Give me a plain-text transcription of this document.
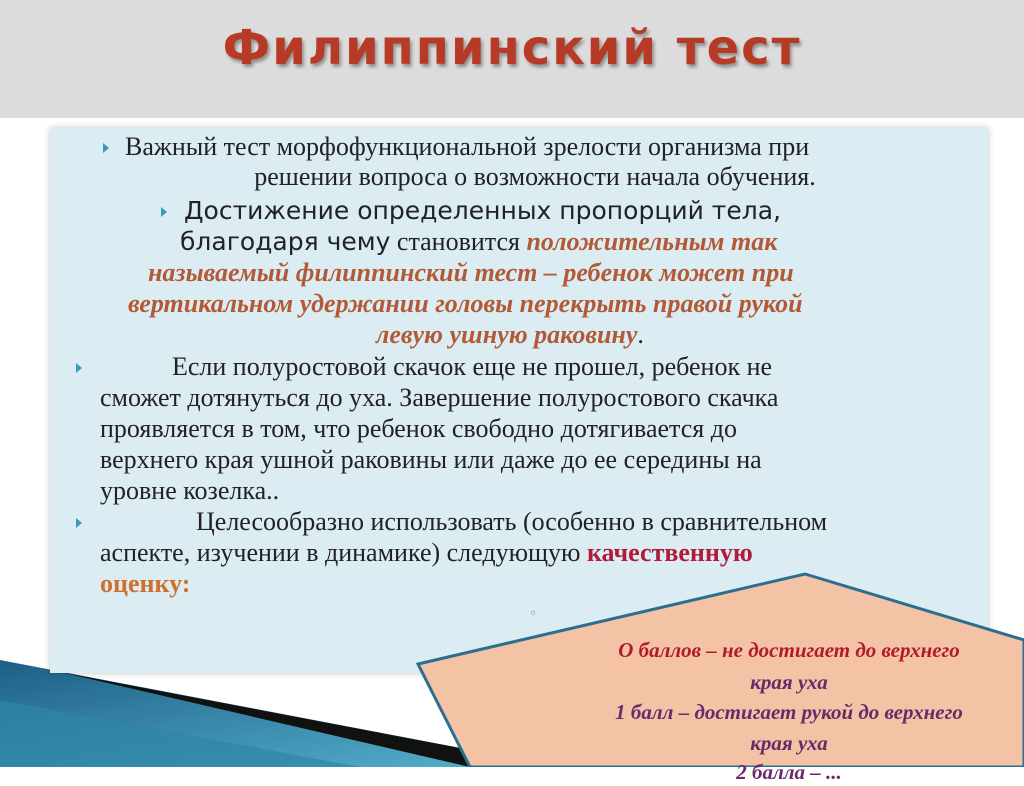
Филиппинский тест
Важный тест морфофункциональной зрелости организма при
решении вопроса о возможности начала обучения.
Достижение определенных пропорций тела,
благодаря чему становится положительным так
называемый филиппинский тест – ребенок может при
вертикальном удержании головы перекрыть правой рукой
левую ушную раковину.
Если полуростовой скачок еще не прошел, ребенок не
сможет дотянуться до уха. Завершение полуростового скачка
проявляется в том, что ребенок свободно дотягивается до
верхнего края ушной раковины или даже до ее середины на
уровне козелка..
Целесообразно использовать (особенно в сравнительном
аспекте, изучении в динамике) следующую качественную
оценку:
◦
О баллов – не достигает до верхнего
края уха
1 балл – достигает рукой до верхнего
края уха
2 балла – ...
